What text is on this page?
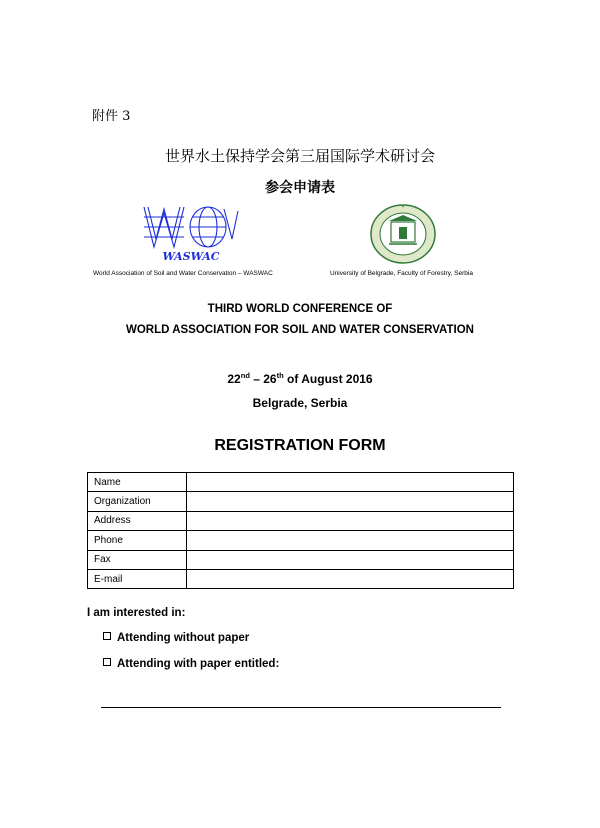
附件 3
世界水土保持学会第三届国际学术研讨会
参会申请表
WASWAC
World Association of Soil and Water Conservation – WASWAC	University of Belgrade, Faculty of Forestry, Serbia
THIRD WORLD CONFERENCE OF
WORLD ASSOCIATION FOR SOIL AND WATER CONSERVATION
22nd – 26th of August 2016
Belgrade, Serbia
REGISTRATION FORM
Name	
Organization	
Address	
Phone	
Fax	
E-mail	
I am interested in:
Attending without paper
Attending with paper entitled:
